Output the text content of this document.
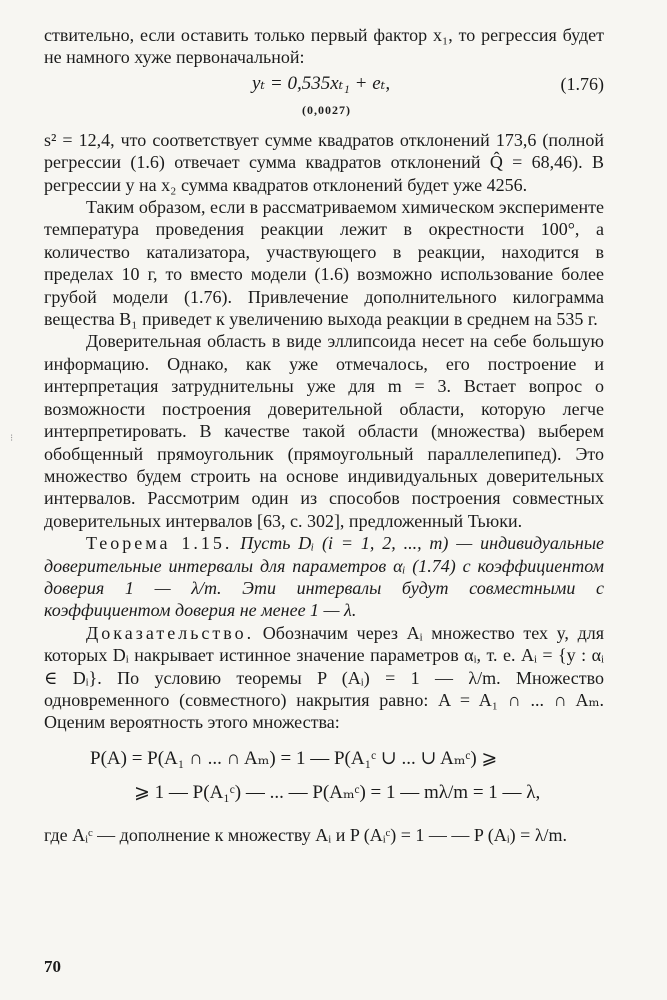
ствительно, если оставить только первый фактор x₁, то регрессия будет не намного хуже первоначальной:

yₜ = 0,535xₜ₁ + eₜ,
(0,0027)
(1.76)

s² = 12,4, что соответствует сумме квадратов отклонений 173,6 (полной регрессии (1.6) отвечает сумма квадратов отклонений Q̂ = 68,46). В регрессии y на x₂ сумма квадратов отклонений будет уже 4256.

Таким образом, если в рассматриваемом химическом эксперименте температура проведения реакции лежит в окрестности 100°, а количество катализатора, участвующего в реакции, находится в пределах 10 г, то вместо модели (1.6) возможно использование более грубой модели (1.76). Привлечение дополнительного килограмма вещества B₁ приведет к увеличению выхода реакции в среднем на 535 г.

Доверительная область в виде эллипсоида несет на себе большую информацию. Однако, как уже отмечалось, его построение и интерпретация затруднительны уже для m = 3. Встает вопрос о возможности построения доверительной области, которую легче интерпретировать. В качестве такой области (множества) выберем обобщенный прямоугольник (прямоугольный параллелепипед). Это множество будем строить на основе индивидуальных доверительных интервалов. Рассмотрим один из способов построения совместных доверительных интервалов [63, с. 302], предложенный Тьюки.

Теорема 1.15. Пусть Dᵢ (i = 1, 2, ..., m) — индивидуальные доверительные интервалы для параметров αᵢ (1.74) с коэффициентом доверия 1 — λ/m. Эти интервалы будут совместными с коэффициентом доверия не менее 1 — λ.

Доказательство. Обозначим через Aᵢ множество тех y, для которых Dᵢ накрывает истинное значение параметров αᵢ, т. е. Aᵢ = {y : αᵢ ∈ Dᵢ}. По условию теоремы P (Aᵢ) = 1 — λ/m. Множество одновременного (совместного) накрытия равно: A = A₁ ∩ ... ∩ Aₘ. Оценим вероятность этого множества:

P(A) = P(A₁ ∩ ... ∩ Aₘ) = 1 — P(A₁ᶜ ∪ ... ∪ Aₘᶜ) ⩾
⩾ 1 — P(A₁ᶜ) — ... — P(Aₘᶜ) = 1 — mλ/m = 1 — λ,

где Aᵢᶜ — дополнение к множеству Aᵢ и P (Aᵢᶜ) = 1 — — P (Aᵢ) = λ/m.

⁝
70
